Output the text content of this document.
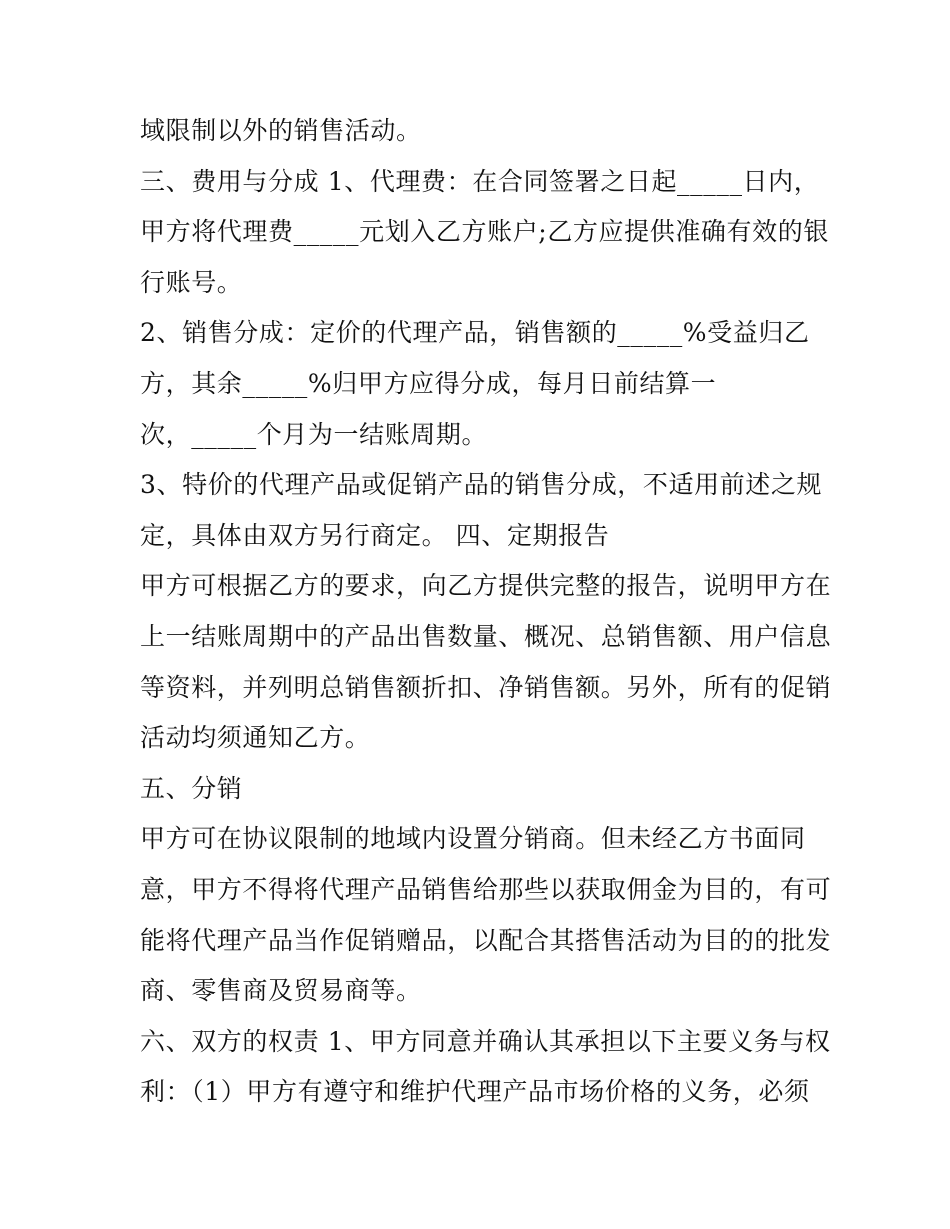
域限制以外的销售活动。
三、费用与分成 1、代理费：在合同签署之日起_____日内，
甲方将代理费_____元划入乙方账户;乙方应提供准确有效的银
行账号。
2、销售分成：定价的代理产品，销售额的_____%受益归乙
方，其余_____%归甲方应得分成，每月日前结算一
次，_____个月为一结账周期。
3、特价的代理产品或促销产品的销售分成，不适用前述之规
定，具体由双方另行商定。 四、定期报告
甲方可根据乙方的要求，向乙方提供完整的报告，说明甲方在
上一结账周期中的产品出售数量、概况、总销售额、用户信息
等资料，并列明总销售额折扣、净销售额。另外，所有的促销
活动均须通知乙方。
五、分销
甲方可在协议限制的地域内设置分销商。但未经乙方书面同
意，甲方不得将代理产品销售给那些以获取佣金为目的，有可
能将代理产品当作促销赠品，以配合其搭售活动为目的的批发
商、零售商及贸易商等。
六、双方的权责 1、甲方同意并确认其承担以下主要义务与权
利：（1）甲方有遵守和维护代理产品市场价格的义务，必须
